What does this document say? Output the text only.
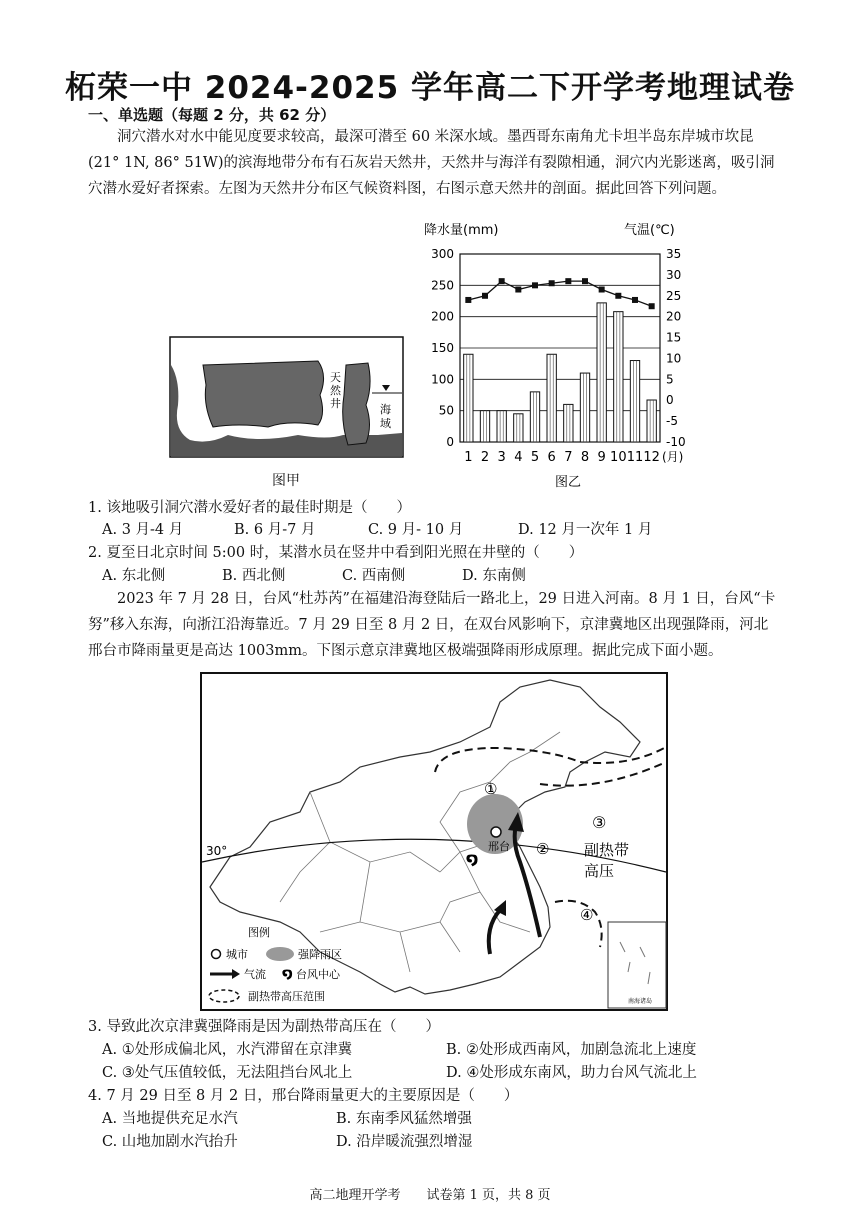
柘荣一中 2024-2025 学年高二下开学考地理试卷
一、单选题（每题 2 分，共 62 分）

洞穴潜水对水中能见度要求较高，最深可潜至 60 米深水域。墨西哥东南角尤卡坦半岛东岸城市坎昆(21° 1N, 86° 51W)的滨海地带分布有石灰岩天然井，天然井与海洋有裂隙相通，洞穴内光影迷离，吸引洞穴潜水爱好者探索。左图为天然井分布区气候资料图，右图示意天然井的剖面。据此回答下列问题。

天
然
井	海
域
图甲
降水量(mm)	气温(℃)
300
250
200
150
100
50
0
35
30
25
20
15
10
5
0
-5
-10
1 2 3 4 5 6 7 8 9 10 11 12 (月)
图乙
1. 该地吸引洞穴潜水爱好者的最佳时期是（　　）
A. 3 月-4 月	B. 6 月-7 月	C. 9 月- 10 月	D. 12 月一次年 1 月
2. 夏至日北京时间 5:00 时，某潜水员在竖井中看到阳光照在井壁的（　　）
A. 东北侧	B. 西北侧	C. 西南侧	D. 东南侧

2023 年 7 月 28 日，台风“杜苏芮”在福建沿海登陆后一路北上，29 日进入河南。8 月 1 日，台风“卡努”移入东海，向浙江沿海靠近。7 月 29 日至 8 月 2 日，在双台风影响下，京津冀地区出现强降雨，河北邢台市降雨量更是高达 1003mm。下图示意京津冀地区极端强降雨形成原理。据此完成下面小题。

30°	邢台
໑
①
②
③
副热带
高压
④
南海诸岛
图例
城市	强降雨区
气流 ໑ 台风中心
副热带高压范围
3. 导致此次京津冀强降雨是因为副热带高压在（　　）
A. ①处形成偏北风，水汽滞留在京津冀	B. ②处形成西南风，加剧急流北上速度
C. ③处气压值较低，无法阻挡台风北上	D. ④处形成东南风，助力台风气流北上
4. 7 月 29 日至 8 月 2 日，邢台降雨量更大的主要原因是（　　）
A. 当地提供充足水汽	B. 东南季风猛然增强
C. 山地加剧水汽抬升	D. 沿岸暖流强烈增湿
高二地理开学考　　试卷第 1 页，共 8 页
